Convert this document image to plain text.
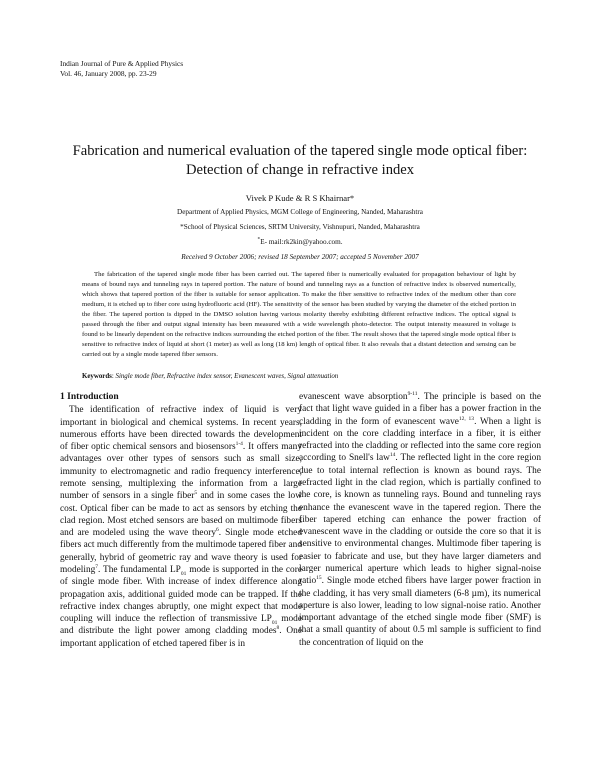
Indian Journal of Pure & Applied Physics
Vol. 46, January 2008, pp. 23-29
Fabrication and numerical evaluation of the tapered single mode optical fiber:
Detection of change in refractive index
Vivek P Kude & R S Khairnar*
Department of Applied Physics, MGM College of Engineering, Nanded, Maharashtra
*School of Physical Sciences, SRTM University, Vishnupuri, Nanded, Maharashtra
*E- mail:rk2kin@yahoo.com.
Received 9 October 2006; revised 18 September 2007; accepted 5 November 2007

The fabrication of the tapered single mode fiber has been carried out. The tapered fiber is numerically evaluated for propagation behaviour of light by means of bound rays and tunneling rays in tapered portion. The nature of bound and tunneling rays as a function of refractive index is observed numerically, which shows that tapered portion of the fiber is suitable for sensor application. To make the fiber sensitive to refractive index of the medium other than core medium, it is etched up to fiber core using hydrofluoric acid (HF). The sensitivity of the sensor has been studied by varying the diameter of the etched portion in the fiber. The tapered portion is dipped in the DMSO solution having various molarity thereby exhibiting different refractive indices. The optical signal is passed through the fiber and output signal intensity has been measured with a wide wavelength photo-detector. The output intensity measured in voltage is found to be linearly dependent on the refractive indices surrounding the etched portion of the fiber. The result shows that the tapered single mode optical fiber is sensitive to refractive index of liquid at short (1 meter) as well as long (18 km) length of optical fiber. It also reveals that a distant detection and sensing can be carried out by a single mode tapered fiber sensors.

Keywords: Single mode fiber, Refractive index sensor, Evanescent waves, Signal attenuation
1 Introduction

The identification of refractive index of liquid is very important in biological and chemical systems. In recent years, numerous efforts have been directed towards the development of fiber optic chemical sensors and biosensors$^{1-4}$. It offers many advantages over other types of sensors such as small size, immunity to electromagnetic and radio frequency interference, remote sensing, multiplexing the information from a large number of sensors in a single fiber$^5$ and in some cases the low cost. Optical fiber can be made to act as sensors by etching the clad region. Most etched sensors are based on multimode fibers and are modeled using the wave theory$^6$. Single mode etched fibers act much differently from the multimode tapered fiber and generally, hybrid of geometric ray and wave theory is used for modeling$^7$. The fundamental $LP_{01}$ mode is supported in the core of single mode fiber. With increase of index difference along propagation axis, additional guided mode can be trapped. If the refractive index changes abruptly, one might expect that mode coupling will induce the reflection of transmissive $LP_{01}$ mode and distribute the light power among cladding modes$^8$. One important application of etched tapered fiber is in

evanescent wave absorption$^{9-11}$. The principle is based on the fact that light wave guided in a fiber has a power fraction in the cladding in the form of evanescent wave$^{12, 13}$. When a light is incident on the core cladding interface in a fiber, it is either refracted into the cladding or reflected into the same core region according to Snell's law$^{14}$. The reflected light in the core region due to total internal reflection is known as bound rays. The refracted light in the clad region, which is partially confined to the core, is known as tunneling rays. Bound and tunneling rays enhance the evanescent wave in the tapered region. There the fiber tapered etching can enhance the power fraction of evanescent wave in the cladding or outside the core so that it is sensitive to environmental changes. Multimode fiber tapering is easier to fabricate and use, but they have larger diameters and larger numerical aperture which leads to higher signal-noise ratio$^{15}$. Single mode etched fibers have larger power fraction in the cladding, it has very small diameters (6-8 µm), its numerical aperture is also lower, leading to low signal-noise ratio. Another important advantage of the etched single mode fiber (SMF) is that a small quantity of about 0.5 ml sample is sufficient to find the concentration of liquid on the
